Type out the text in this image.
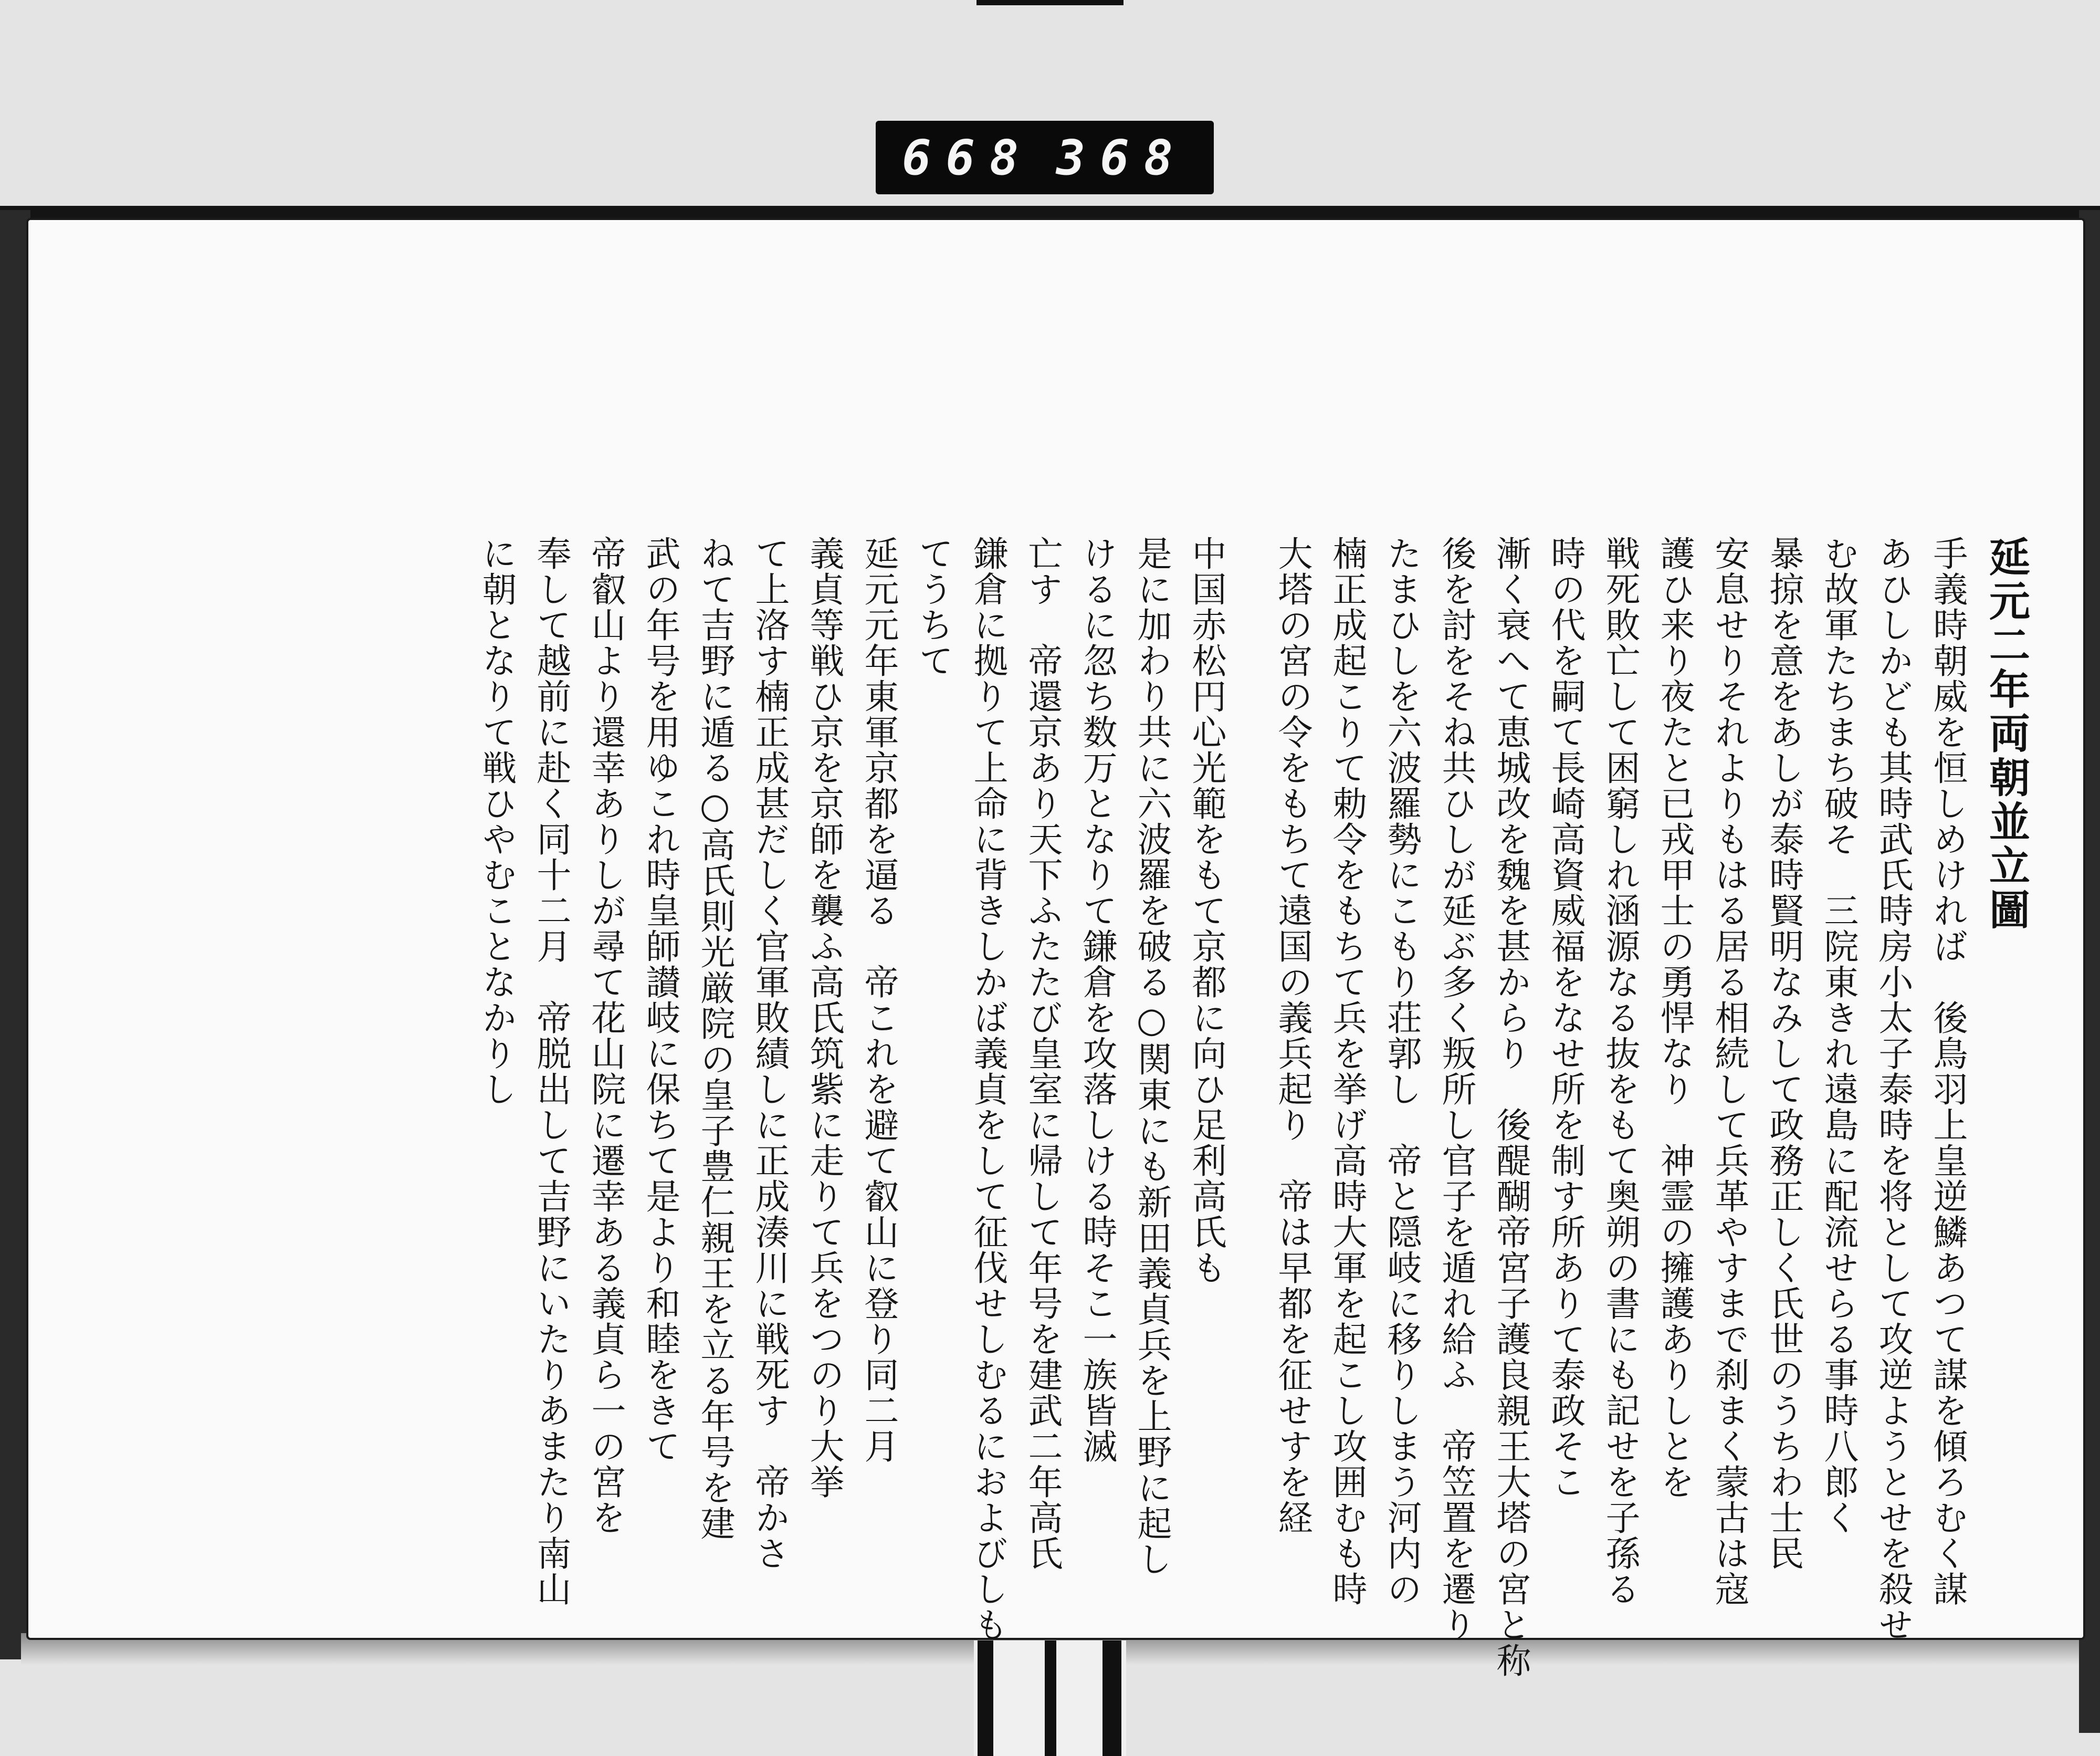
668 368
延元二年両朝並立圖
手義時朝威を恒しめければ　後鳥羽上皇逆鱗あつて謀を傾ろむく謀
あひしかども其時武氏時房小太子泰時を将として攻逆ようとせを殺せ
む故軍たちまち破そ　三院東きれ遠島に配流せらる事時八郎く
暴掠を意をあしが泰時賢明なみして政務正しく氏世のうちわ士民
安息せりそれよりもはる居る相続して兵革やすまで刹まく蒙古は寇
護ひ来り夜たと已戎甲士の勇悍なり　神霊の擁護ありしとを
戦死敗亡して困窮しれ涵源なる抜をもて奥朔の書にも記せを子孫る
時の代を嗣て長崎高資威福をなせ所を制す所ありて泰政そこ
漸く衰へて恵城改を魏を甚からり　後醍醐帝宮子護良親王大塔の宮と称
後を討をそね共ひしが延ぶ多く叛所し官子を遁れ給ふ　帝笠置を遷り
たまひしを六波羅勢にこもり荘郭し　帝と隠岐に移りしまう河内の
楠正成起こりて勅令をもちて兵を挙げ高時大軍を起こし攻囲むも時
大塔の宮の令をもちて遠国の義兵起り　帝は早都を征せすを経
中国赤松円心光範をもて京都に向ひ足利高氏も
是に加わり共に六波羅を破る○関東にも新田義貞兵を上野に起し
けるに忽ち数万となりて鎌倉を攻落しける時そこ一族皆滅
亡す　帝還京あり天下ふたたび皇室に帰して年号を建武二年高氏
鎌倉に拠りて上命に背きしかば義貞をして征伐せしむるにおよびしも
てうちて
延元元年東軍京都を逼る　帝これを避て叡山に登り同二月
義貞等戦ひ京を京師を襲ふ高氏筑紫に走りて兵をつのり大挙
て上洛す楠正成甚だしく官軍敗績しに正成湊川に戦死す　帝かさ
ねて吉野に遁る○高氏則光厳院の皇子豊仁親王を立る年号を建
武の年号を用ゆこれ時皇師讃岐に保ちて是より和睦をきて
帝叡山より還幸ありしが尋て花山院に遷幸ある義貞ら一の宮を
奉して越前に赴く同十二月　帝脱出して吉野にいたりあまたり南山
に朝となりて戦ひやむことなかりし
